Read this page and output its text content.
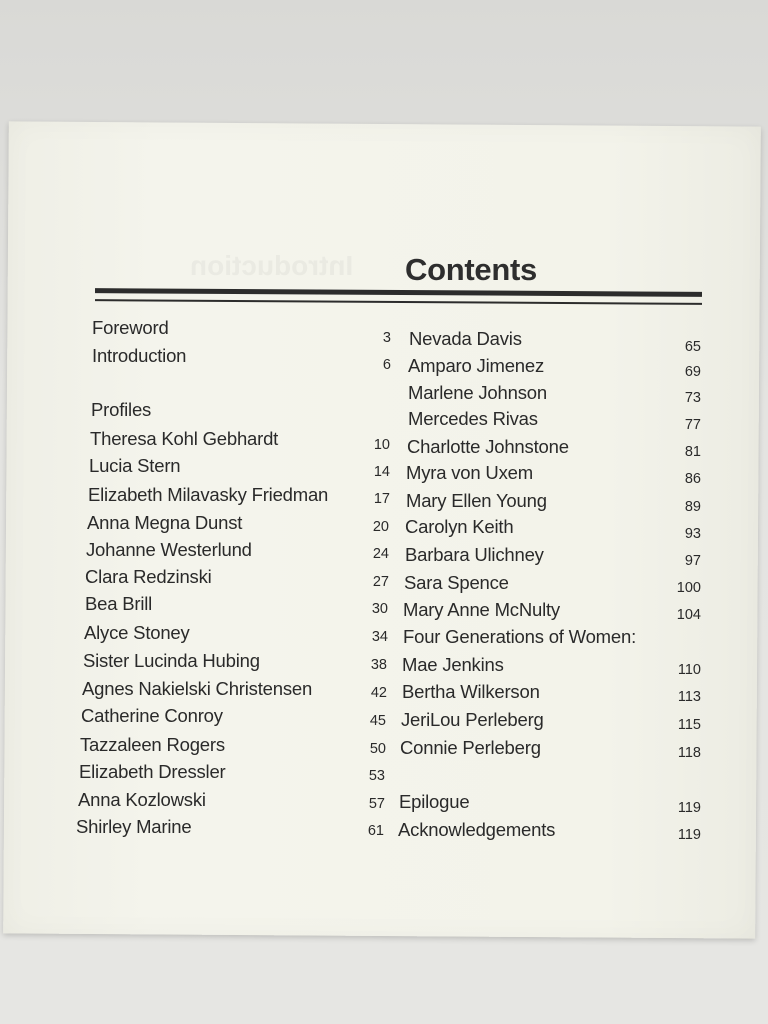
Introduction Contents
Foreword	3
Introduction	6
Profiles
Theresa Kohl Gebhardt	10
Lucia Stern	14
Elizabeth Milavasky Friedman	17
Anna Megna Dunst	20
Johanne Westerlund	24
Clara Redzinski	27
Bea Brill	30
Alyce Stoney	34
Sister Lucinda Hubing	38
Agnes Nakielski Christensen	42
Catherine Conroy	45
Tazzaleen Rogers	50
Elizabeth Dressler	53
Anna Kozlowski	57
Shirley Marine	61
Nevada Davis	65
Amparo Jimenez	69
Marlene Johnson	73
Mercedes Rivas	77
Charlotte Johnstone	81
Myra von Uxem	86
Mary Ellen Young	89
Carolyn Keith	93
Barbara Ulichney	97
Sara Spence	100
Mary Anne McNulty	104
Four Generations of Women:
Mae Jenkins	110
Bertha Wilkerson	113
JeriLou Perleberg	115
Connie Perleberg	118
Epilogue	119
Acknowledgements	119
